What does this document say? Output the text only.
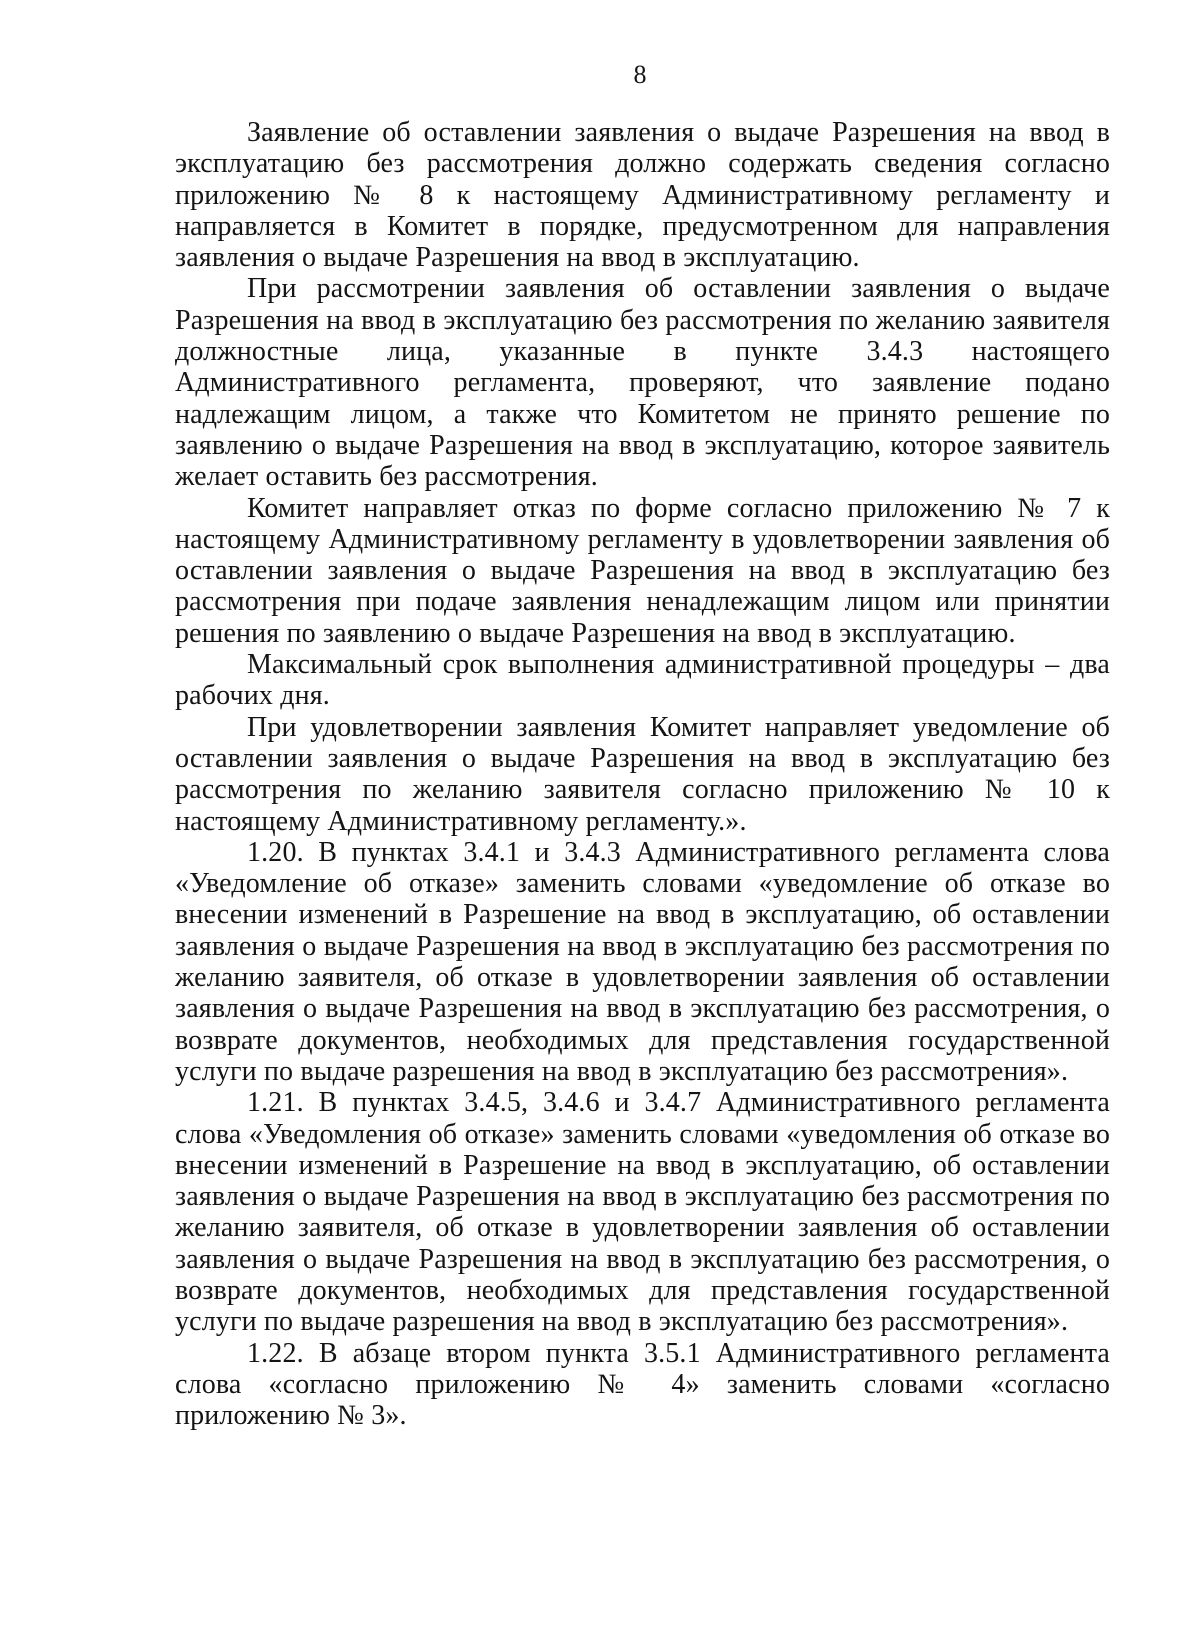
8

Заявление об оставлении заявления о выдаче Разрешения на ввод в эксплуатацию без рассмотрения должно содержать сведения согласно приложению № 8 к настоящему Административному регламенту и направляется в Комитет в порядке, предусмотренном для направления заявления о выдаче Разрешения на ввод в эксплуатацию.

При рассмотрении заявления об оставлении заявления о выдаче Разрешения на ввод в эксплуатацию без рассмотрения по желанию заявителя должностные лица, указанные в пункте 3.4.3 настоящего Административного регламента, проверяют, что заявление подано надлежащим лицом, а также что Комитетом не принято решение по заявлению о выдаче Разрешения на ввод в эксплуатацию, которое заявитель желает оставить без рассмотрения.

Комитет направляет отказ по форме согласно приложению № 7 к настоящему Административному регламенту в удовлетворении заявления об оставлении заявления о выдаче Разрешения на ввод в эксплуатацию без рассмотрения при подаче заявления ненадлежащим лицом или принятии решения по заявлению о выдаче Разрешения на ввод в эксплуатацию.

Максимальный срок выполнения административной процедуры – два рабочих дня.

При удовлетворении заявления Комитет направляет уведомление об оставлении заявления о выдаче Разрешения на ввод в эксплуатацию без рассмотрения по желанию заявителя согласно приложению № 10 к настоящему Административному регламенту.».

1.20. В пунктах 3.4.1 и 3.4.3 Административного регламента слова «Уведомление об отказе» заменить словами «уведомление об отказе во внесении изменений в Разрешение на ввод в эксплуатацию, об оставлении заявления о выдаче Разрешения на ввод в эксплуатацию без рассмотрения по желанию заявителя, об отказе в удовлетворении заявления об оставлении заявления о выдаче Разрешения на ввод в эксплуатацию без рассмотрения, о возврате документов, необходимых для представления государственной услуги по выдаче разрешения на ввод в эксплуатацию без рассмотрения».

1.21. В пунктах 3.4.5, 3.4.6 и 3.4.7 Административного регламента слова «Уведомления об отказе» заменить словами «уведомления об отказе во внесении изменений в Разрешение на ввод в эксплуатацию, об оставлении заявления о выдаче Разрешения на ввод в эксплуатацию без рассмотрения по желанию заявителя, об отказе в удовлетворении заявления об оставлении заявления о выдаче Разрешения на ввод в эксплуатацию без рассмотрения, о возврате документов, необходимых для представления государственной услуги по выдаче разрешения на ввод в эксплуатацию без рассмотрения».

1.22. В абзаце втором пункта 3.5.1 Административного регламента слова «согласно приложению № 4» заменить словами «согласно приложению № 3».
